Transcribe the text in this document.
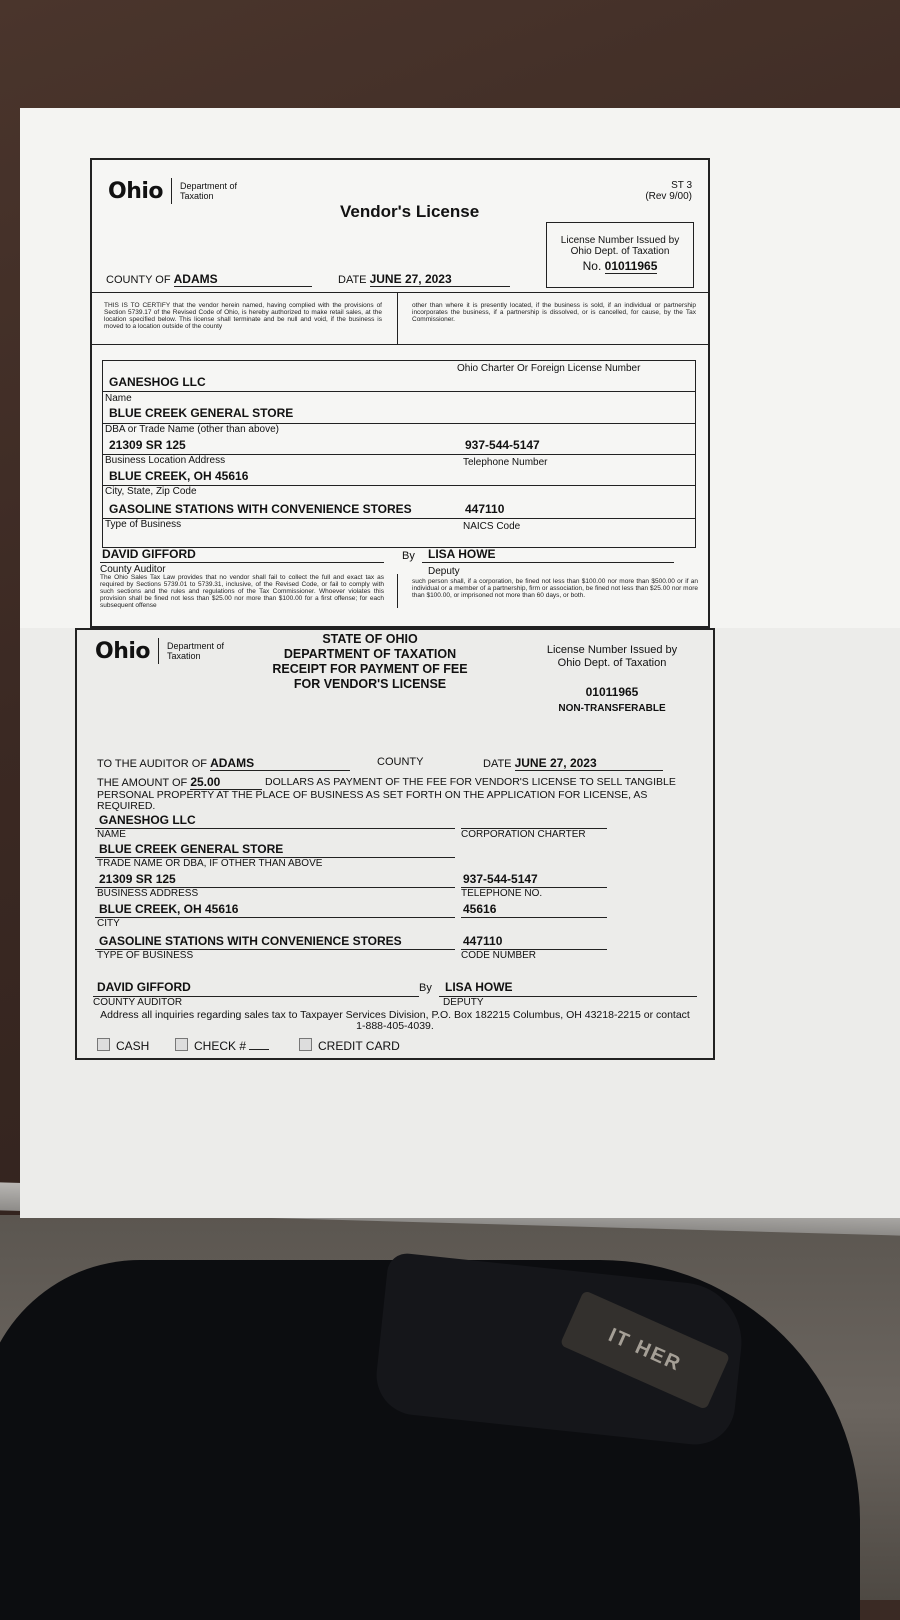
IT HER
Ohio Department of
Taxation
ST 3
(Rev 9/00)
Vendor's License
License Number Issued by
Ohio Dept. of Taxation
No. 01011965
COUNTY OF ADAMS	DATE JUNE 27, 2023
THIS IS TO CERTIFY that the vendor herein named, having complied with the provisions of Section 5739.17 of the Revised Code of Ohio, is hereby authorized to make retail sales, at the location specified below. This license shall terminate and be null and void, if the business is moved to a location outside of the county
other than where it is presently located, if the business is sold, if an individual or partnership incorporates the business, if a partnership is dissolved, or is cancelled, for cause, by the Tax Commissioner.
Ohio Charter Or Foreign License Number
GANESHOG LLC
Name
BLUE CREEK GENERAL STORE
DBA or Trade Name (other than above)
21309 SR 125	937-544-5147
Business Location Address	Telephone Number
BLUE CREEK, OH 45616
City, State, Zip Code
GASOLINE STATIONS WITH CONVENIENCE STORES	447110
Type of Business	NAICS Code
DAVID GIFFORD	By LISA HOWE
County Auditor	Deputy
The Ohio Sales Tax Law provides that no vendor shall fail to collect the full and exact tax as required by Sections 5739.01 to 5739.31, inclusive, of the Revised Code, or fail to comply with such sections and the rules and regulations of the Tax Commissioner. Whoever violates this provision shall be fined not less than $25.00 nor more than $100.00 for a first offense; for each subsequent offense
such person shall, if a corporation, be fined not less than $100.00 nor more than $500.00 or if an individual or a member of a partnership, firm or association, be fined not less than $25.00 nor more than $100.00, or imprisoned not more than 60 days, or both.
Ohio Department of
Taxation
STATE OF OHIO
DEPARTMENT OF TAXATION
RECEIPT FOR PAYMENT OF FEE
FOR VENDOR'S LICENSE
License Number Issued by
Ohio Dept. of Taxation
01011965
NON-TRANSFERABLE
TO THE AUDITOR OF ADAMS	COUNTY	DATE JUNE 27, 2023
THE AMOUNT OF 25.00	DOLLARS AS PAYMENT OF THE FEE FOR VENDOR'S LICENSE TO SELL TANGIBLE
PERSONAL PROPERTY AT THE PLACE OF BUSINESS AS SET FORTH ON THE APPLICATION FOR LICENSE, AS
REQUIRED.
GANESHOG LLC
NAME	CORPORATION CHARTER
BLUE CREEK GENERAL STORE
TRADE NAME OR DBA, IF OTHER THAN ABOVE
21309 SR 125	937-544-5147
BUSINESS ADDRESS	TELEPHONE NO.
BLUE CREEK, OH 45616	45616
CITY
GASOLINE STATIONS WITH CONVENIENCE STORES	447110
TYPE OF BUSINESS	CODE NUMBER
DAVID GIFFORD	By LISA HOWE
COUNTY AUDITOR	DEPUTY
Address all inquiries regarding sales tax to Taxpayer Services Division, P.O. Box 182215 Columbus, OH 43218-2215 or contact
1-888-405-4039.
CASH	CHECK #	CREDIT CARD
